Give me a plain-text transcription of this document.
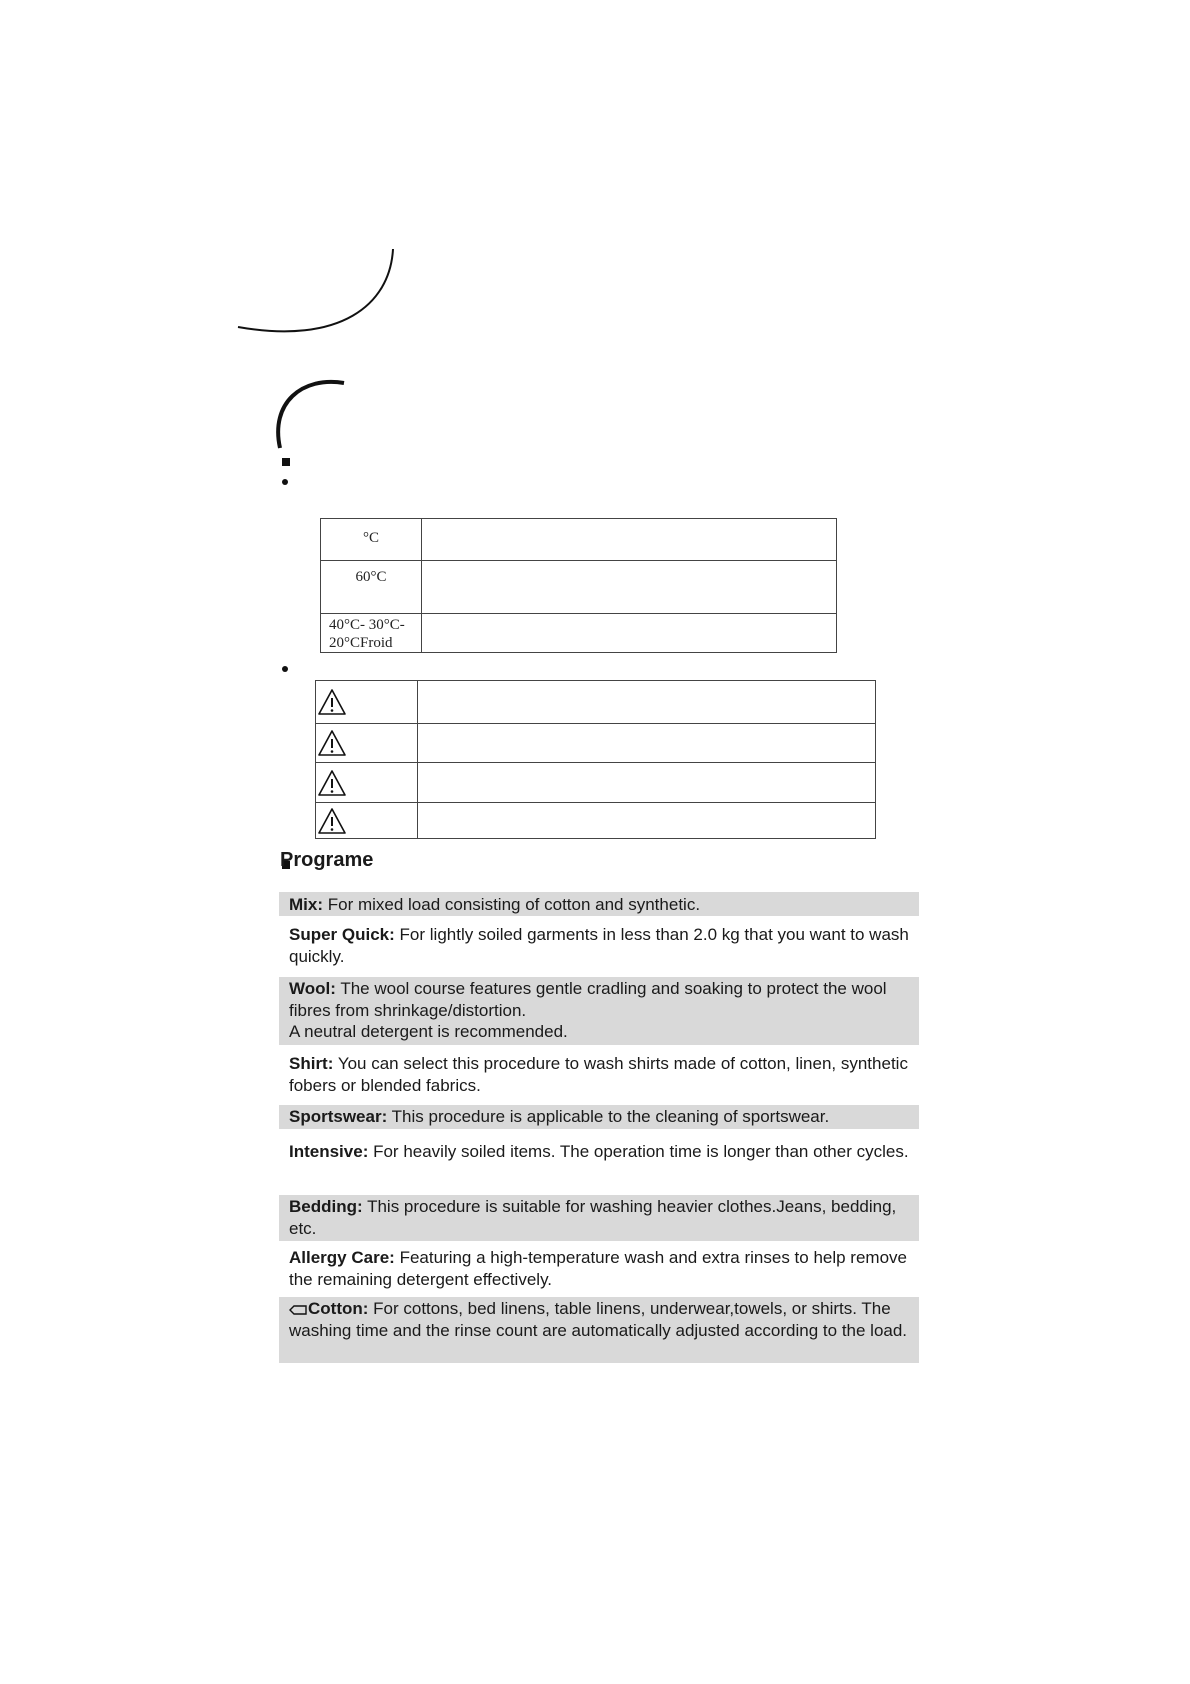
°C	
60°C	
40°C- 30°C- 20°CFroid	

Programe
Mix: For mixed load consisting of cotton and synthetic.
Super Quick: For lightly soiled garments in less than 2.0 kg that you want to wash quickly.
Wool: The wool course features gentle cradling and soaking to protect the wool fibres from shrinkage/distortion.
A neutral detergent is recommended.
Shirt: You can select this procedure to wash shirts made of cotton, linen, synthetic fobers or blended fabrics.
Sportswear: This procedure is applicable to the cleaning of sportswear.
Intensive: For heavily soiled items. The operation time is longer than other cycles.
Bedding: This procedure is suitable for washing heavier clothes.Jeans, bedding, etc.
Allergy Care: Featuring a high-temperature wash and extra rinses to help remove the remaining detergent effectively.
Cotton: For cottons, bed linens, table linens, underwear,towels, or shirts. The washing time and the rinse count are automatically adjusted according to the load.
